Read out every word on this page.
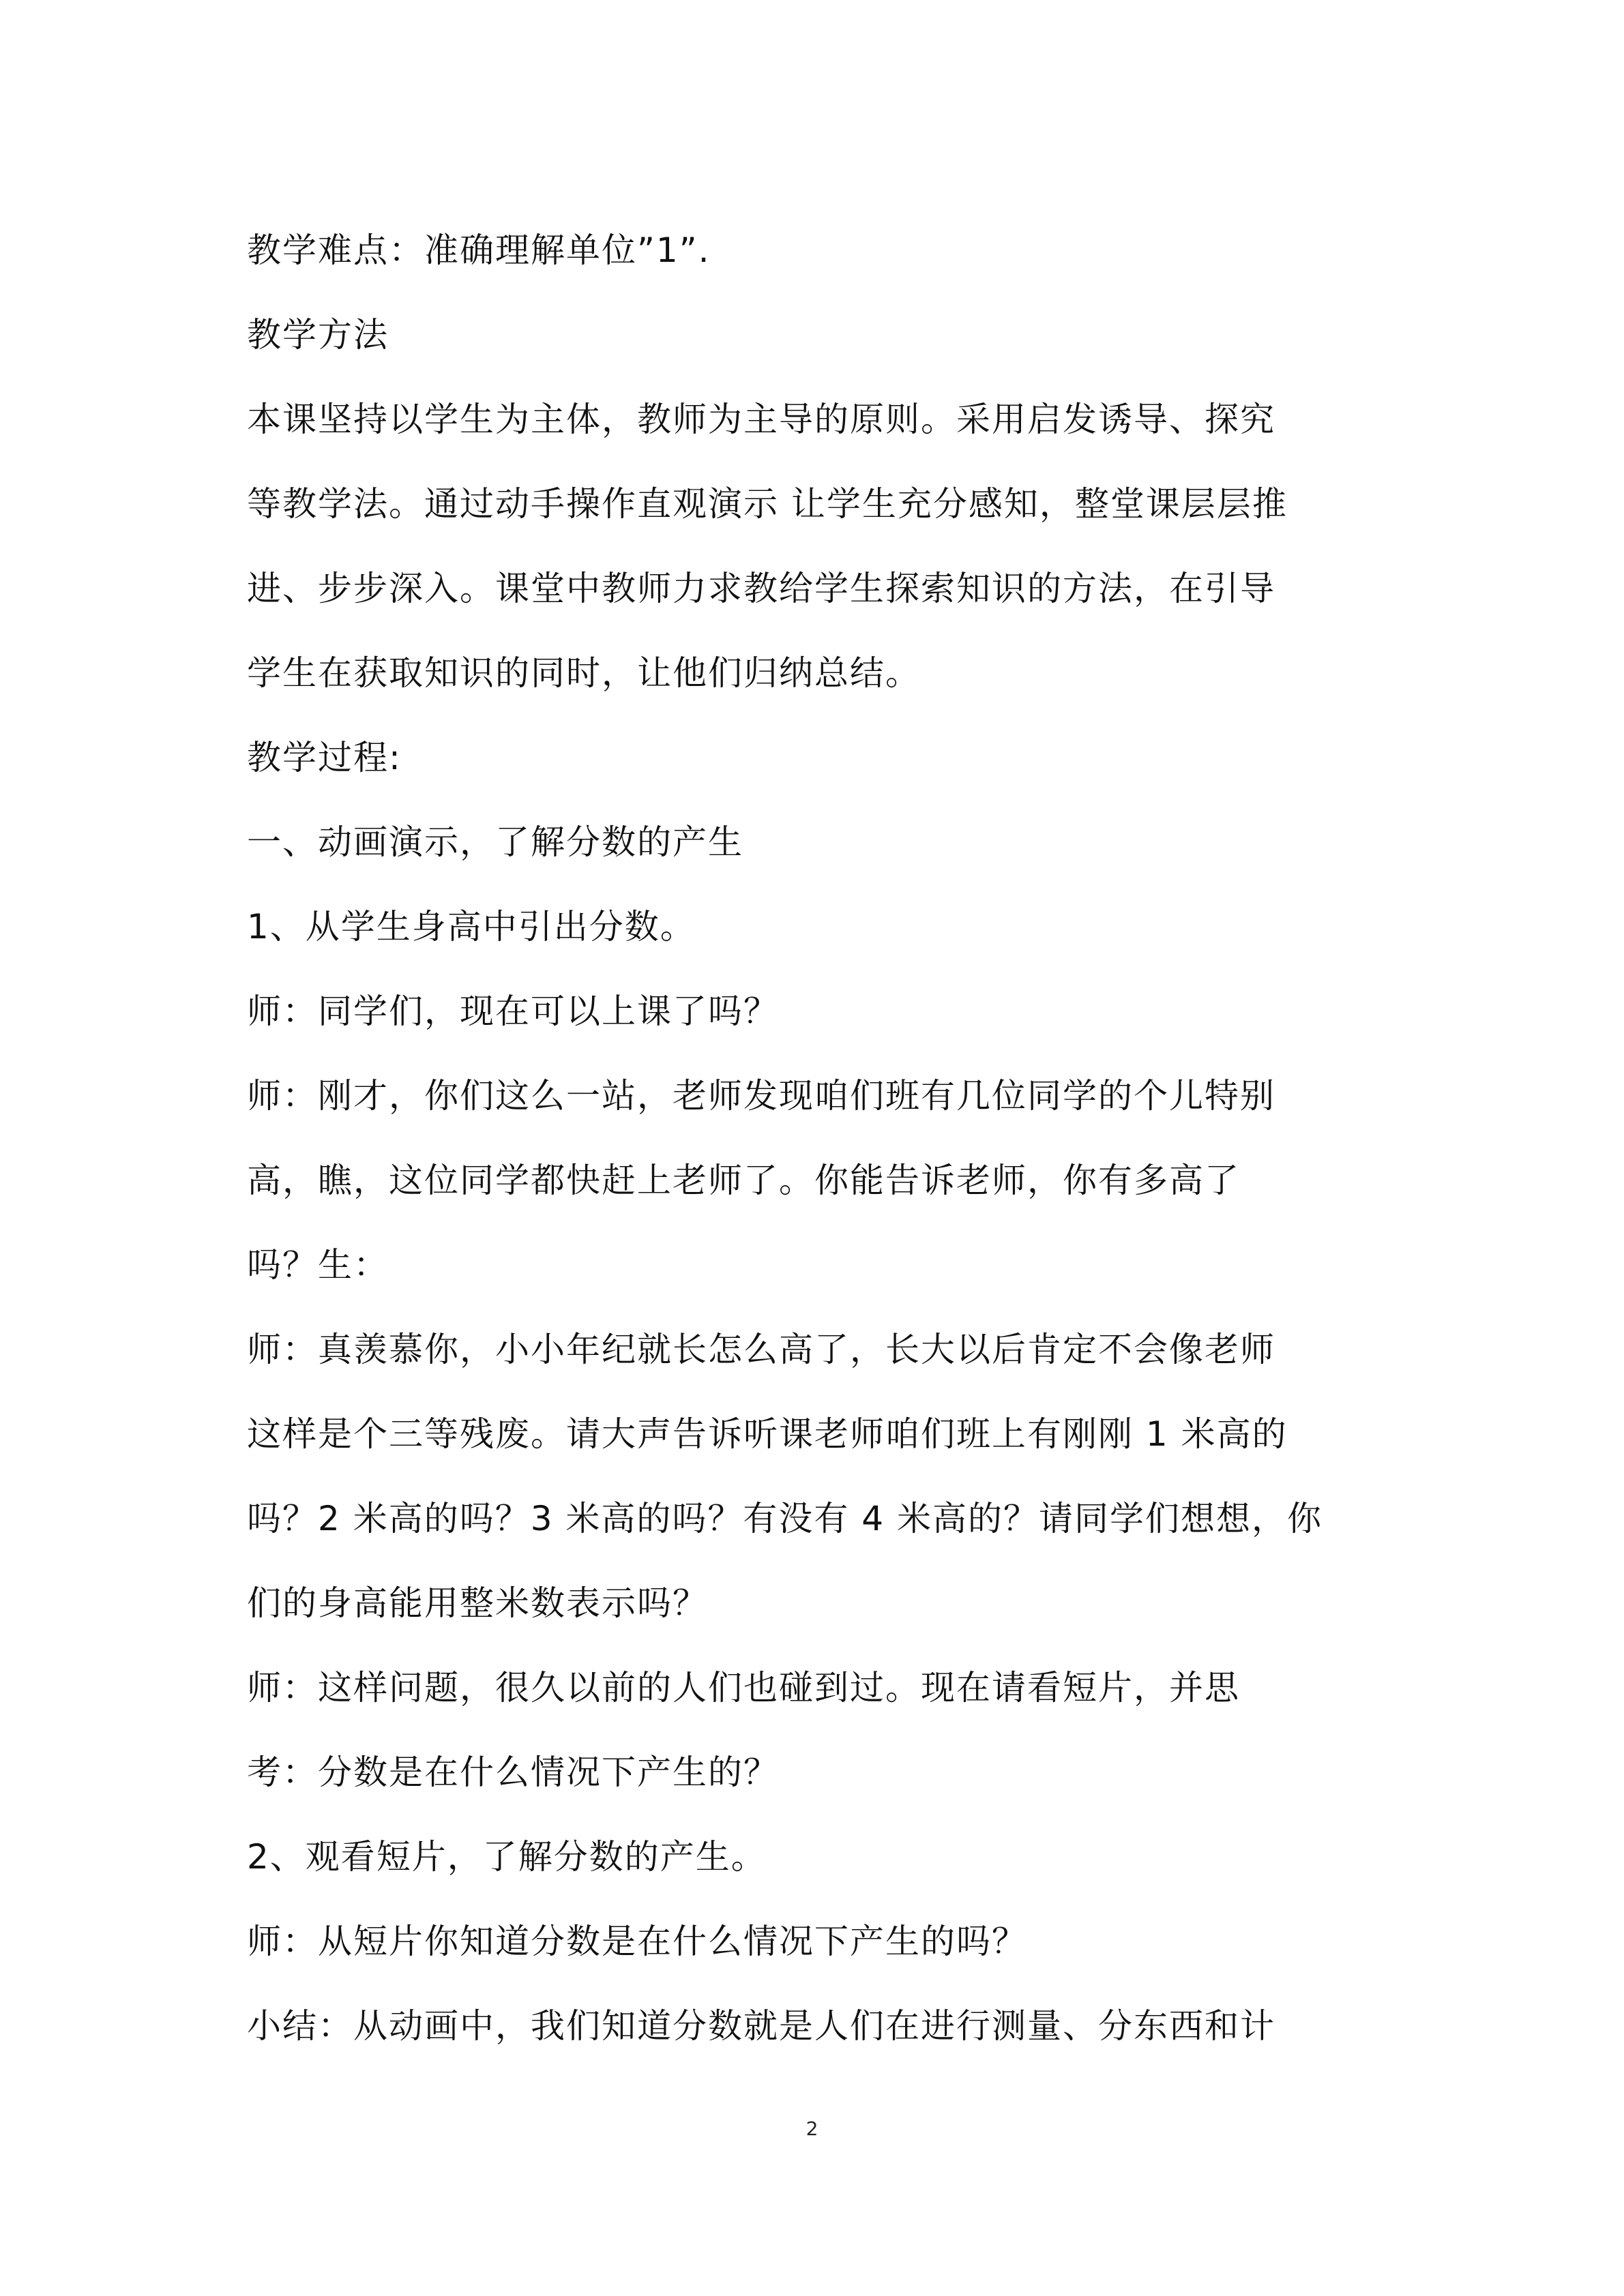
教学难点：准确理解单位”1”.
教学方法
本课坚持以学生为主体，教师为主导的原则。采用启发诱导、探究
等教学法。通过动手操作直观演示 让学生充分感知，整堂课层层推
进、步步深入。课堂中教师力求教给学生探索知识的方法，在引导
学生在获取知识的同时，让他们归纳总结。
教学过程:
一、动画演示，了解分数的产生
1、从学生身高中引出分数。
师：同学们，现在可以上课了吗？
师：刚才，你们这么一站，老师发现咱们班有几位同学的个儿特别
高，瞧，这位同学都快赶上老师了。你能告诉老师，你有多高了
吗？生：
师：真羡慕你，小小年纪就长怎么高了，长大以后肯定不会像老师
这样是个三等残废。请大声告诉听课老师咱们班上有刚刚 1 米高的
吗？2 米高的吗？3 米高的吗？有没有 4 米高的？请同学们想想，你
们的身高能用整米数表示吗？
师：这样问题，很久以前的人们也碰到过。现在请看短片，并思
考：分数是在什么情况下产生的？
2、观看短片，了解分数的产生。
师：从短片你知道分数是在什么情况下产生的吗？
小结：从动画中，我们知道分数就是人们在进行测量、分东西和计
2
